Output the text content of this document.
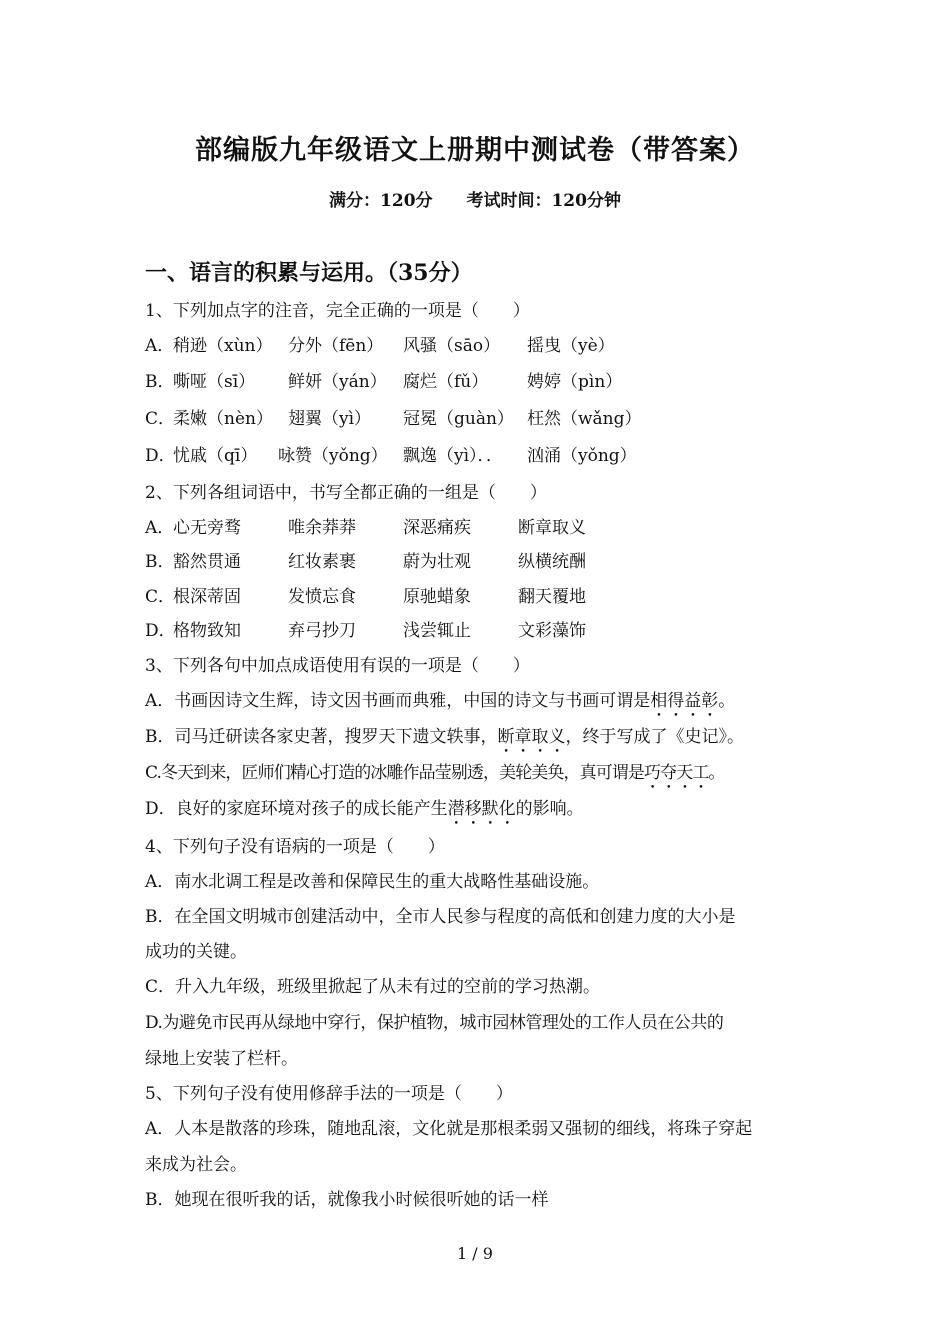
部编版九年级语文上册期中测试卷（带答案）
满分：120分 考试时间：120分钟
一、语言的积累与运用。（35分）
1、下列加点字的注音，完全正确的一项是（　　）
A．
稍逊（xùn） 分外（fēn） 风骚（sāo） 摇曳（yè）
B．
嘶哑（sī） 鲜妍（yán） 腐烂（fǔ） 娉婷（pìn）
C．
柔嫩（nèn） 翅翼（yì） 冠冕（guàn） 枉然（wǎng）
D．
忧戚（qī） 咏赞（yǒng） 飘逸（yì）．． 汹涌（yǒng）
2、下列各组词语中，书写全都正确的一组是（　　）
A．
心无旁骛	唯余莽莽	深恶痛疾	断章取义
B．
豁然贯通	红妆素裹	蔚为壮观	纵横统酬
C．
根深蒂固	发愤忘食	原驰蜡象	翻天覆地
D．
格物致知	弃弓抄刀	浅尝辄止	文彩藻饰
3、下列各句中加点成语使用有误的一项是（　　）
A．书画因诗文生辉，诗文因书画而典雅，中国的诗文与书画可谓是相得益彰。
B．司马迁研读各家史著，搜罗天下遗文轶事，断章取义，终于写成了《史记》。
C.冬天到来，匠师们精心打造的冰雕作品莹剔透，美轮美奂，真可谓是巧夺天工。
D．良好的家庭环境对孩子的成长能产生潜移默化的影响。
4、下列句子没有语病的一项是（　　）
A．南水北调工程是改善和保障民生的重大战略性基础设施。
B．在全国文明城市创建活动中，全市人民参与程度的高低和创建力度的大小是
成功的关键。
C．升入九年级，班级里掀起了从未有过的空前的学习热潮。
D.为避免市民再从绿地中穿行，保护植物，城市园林管理处的工作人员在公共的
绿地上安装了栏杆。
5、下列句子没有使用修辞手法的一项是（　　）
A．人本是散落的珍珠，随地乱滚，文化就是那根柔弱又强韧的细线，将珠子穿起
来成为社会。
B．她现在很听我的话，就像我小时候很听她的话一样
1 / 9
